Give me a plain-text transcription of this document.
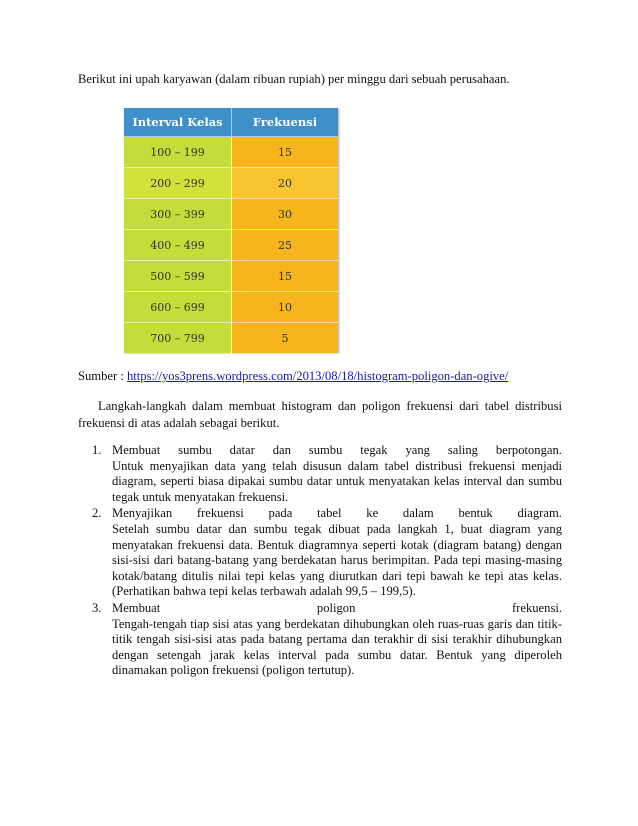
Berikut ini upah karyawan (dalam ribuan rupiah) per minggu dari sebuah perusahaan.
Interval Kelas	Frekuensi
100 – 199	15
200 – 299	20
300 – 399	30
400 – 499	25
500 – 599	15
600 – 699	10
700 – 799	5
Sumber : https://yos3prens.wordpress.com/2013/08/18/histogram-poligon-dan-ogive/
Langkah-langkah dalam membuat histogram dan poligon frekuensi dari tabel distribusi frekuensi di atas adalah sebagai berikut.
1. Membuat sumbu datar dan sumbu tegak yang saling berpotongan.
Untuk menyajikan data yang telah disusun dalam tabel distribusi frekuensi menjadi diagram, seperti biasa dipakai sumbu datar untuk menyatakan kelas interval dan sumbu tegak untuk menyatakan frekuensi.
2. Menyajikan frekuensi pada tabel ke dalam bentuk diagram.
Setelah sumbu datar dan sumbu tegak dibuat pada langkah 1, buat diagram yang menyatakan frekuensi data. Bentuk diagramnya seperti kotak (diagram batang) dengan sisi-sisi dari batang-batang yang berdekatan harus berimpitan. Pada tepi masing-masing kotak/batang ditulis nilai tepi kelas yang diurutkan dari tepi bawah ke tepi atas kelas. (Perhatikan bahwa tepi kelas terbawah adalah 99,5 – 199,5).
3. Membuat	poligon	frekuensi.
Tengah-tengah tiap sisi atas yang berdekatan dihubungkan oleh ruas-ruas garis dan titik-titik tengah sisi-sisi atas pada batang pertama dan terakhir di sisi terakhir dihubungkan dengan setengah jarak kelas interval pada sumbu datar. Bentuk yang diperoleh dinamakan poligon frekuensi (poligon tertutup).
